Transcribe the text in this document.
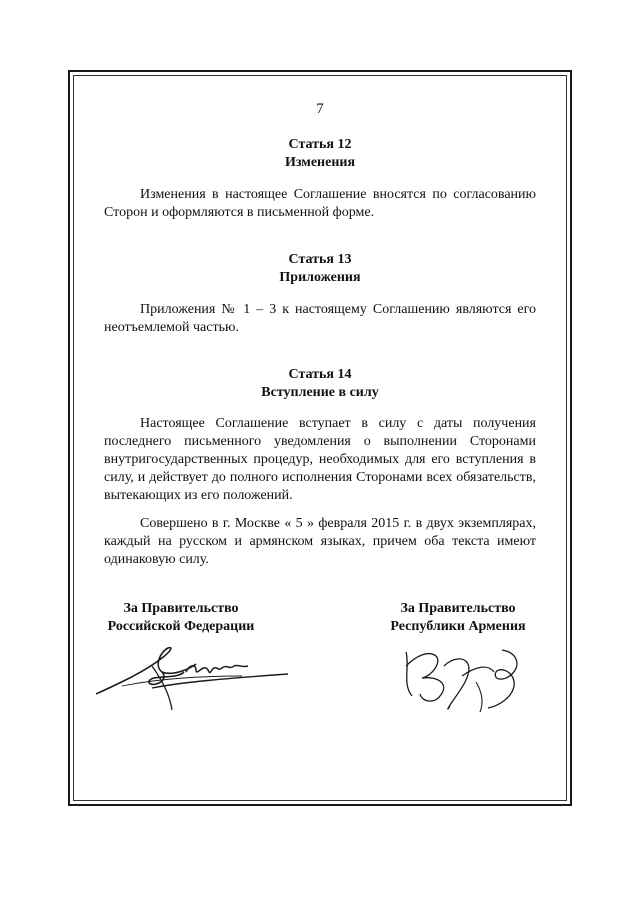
7
Статья 12
Изменения
Изменения в настоящее Соглашение вносятся по согласованию Сторон и оформляются в письменной форме.
Статья 13
Приложения
Приложения № 1 – 3 к настоящему Соглашению являются его неотъемлемой частью.
Статья 14
Вступление в силу
Настоящее Соглашение вступает в силу с даты получения последнего письменного уведомления о выполнении Сторонами внутригосударственных процедур, необходимых для его вступления в силу, и действует до полного исполнения Сторонами всех обязательств, вытекающих из его положений.
Совершено в г. Москве « 5 » февраля 2015 г. в двух экземплярах, каждый на русском и армянском языках, причем оба текста имеют одинаковую силу.
За Правительство
Российской Федерации
За Правительство
Республики Армения
